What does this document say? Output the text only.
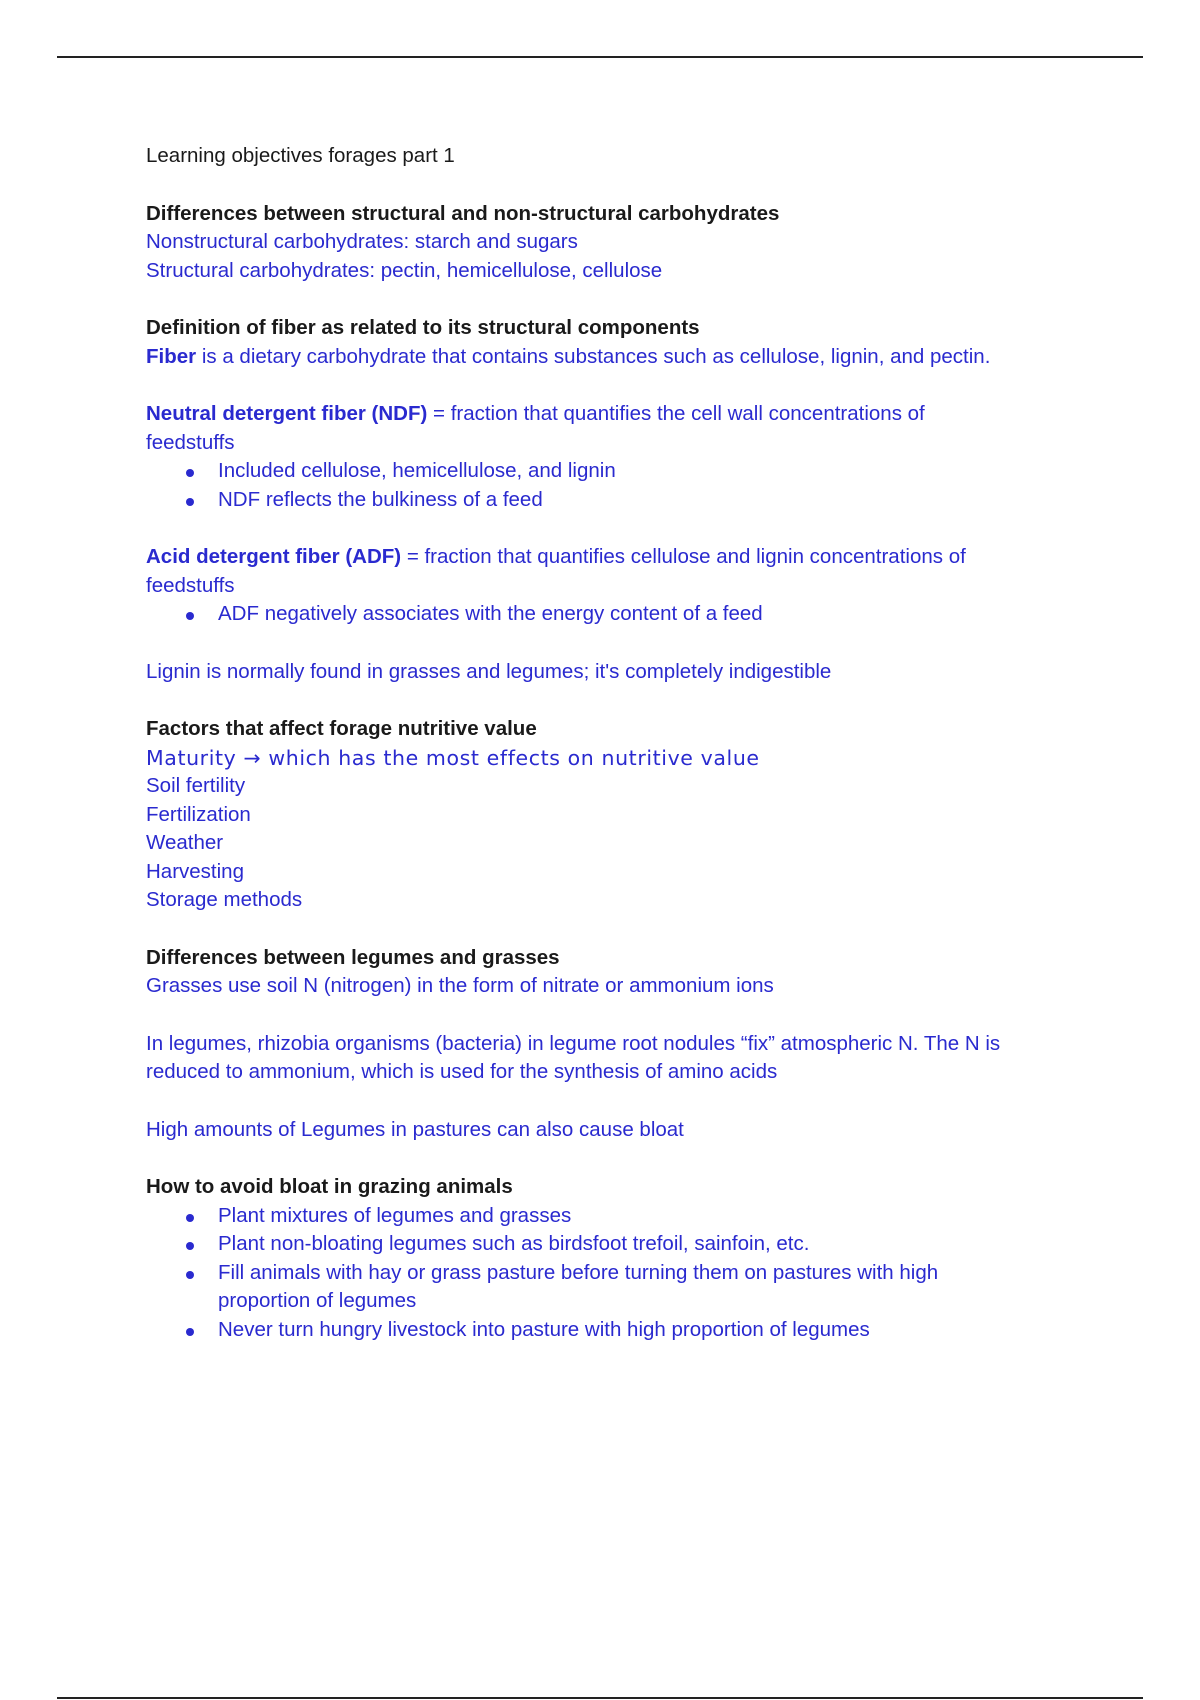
Learning objectives forages part 1

Differences between structural and non-structural carbohydrates

Nonstructural carbohydrates: starch and sugars

Structural carbohydrates: pectin, hemicellulose, cellulose

Definition of fiber as related to its structural components

Fiber is a dietary carbohydrate that contains substances such as cellulose, lignin, and pectin.

Neutral detergent fiber (NDF) = fraction that quantifies the cell wall concentrations of

feedstuffs

Included cellulose, hemicellulose, and lignin
NDF reflects the bulkiness of a feed

Acid detergent fiber (ADF) = fraction that quantifies cellulose and lignin concentrations of

feedstuffs

ADF negatively associates with the energy content of a feed

Lignin is normally found in grasses and legumes; it's completely indigestible

Factors that affect forage nutritive value

Maturity → which has the most effects on nutritive value

Soil fertility

Fertilization

Weather

Harvesting

Storage methods

Differences between legumes and grasses

Grasses use soil N (nitrogen) in the form of nitrate or ammonium ions

In legumes, rhizobia organisms (bacteria) in legume root nodules “fix” atmospheric N. The N is

reduced to ammonium, which is used for the synthesis of amino acids

High amounts of Legumes in pastures can also cause bloat

How to avoid bloat in grazing animals

Plant mixtures of legumes and grasses
Plant non-bloating legumes such as birdsfoot trefoil, sainfoin, etc.
Fill animals with hay or grass pasture before turning them on pastures with high proportion of legumes
Never turn hungry livestock into pasture with high proportion of legumes
